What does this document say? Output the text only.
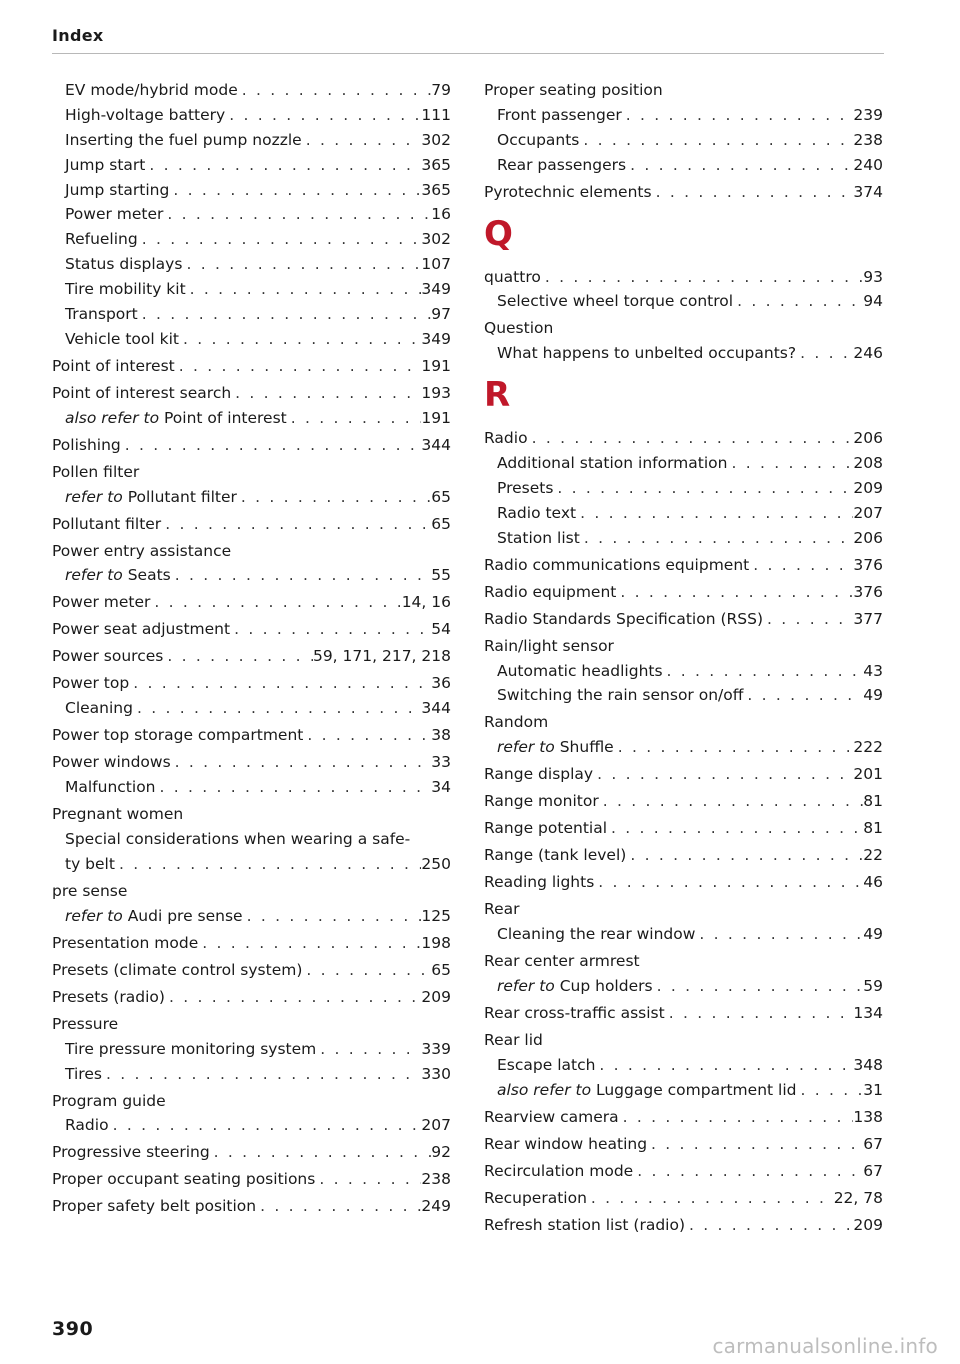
Index
EV mode/hybrid mode . . .	79
High-voltage battery . . .	111
Inserting the fuel pump nozzle . . .	302
Jump start . . .	365
Jump starting . . .	365
Power meter . . .	16
Refueling . . .	302
Status displays . . .	107
Tire mobility kit . . .	349
Transport . . .	97
Vehicle tool kit . . .	349
Point of interest . . .	191
Point of interest search . . .	193
also refer to Point of interest . . .	191
Polishing . . .	344
Pollen filter
refer to Pollutant filter . . .	65
Pollutant filter . . .	65
Power entry assistance
refer to Seats . . .	55
Power meter . . .	14, 16
Power seat adjustment . . .	54
Power sources . . .	59, 171, 217, 218
Power top . . .	36
Cleaning . . .	344
Power top storage compartment . . .	38
Power windows . . .	33
Malfunction . . .	34
Pregnant women
Special considerations when wearing a safe-
ty belt . . .	250
pre sense
refer to Audi pre sense . . .	125
Presentation mode . . .	198
Presets (climate control system) . . .	65
Presets (radio) . . .	209
Pressure
Tire pressure monitoring system . . .	339
Tires . . .	330
Program guide
Radio . . .	207
Progressive steering . . .	92
Proper occupant seating positions . . .	238
Proper safety belt position . . .	249
Proper seating position
Front passenger . . .	239
Occupants . . .	238
Rear passengers . . .	240
Pyrotechnic elements . . .	374
Q
quattro . . .	93
Selective wheel torque control . . .	94
Question
What happens to unbelted occupants? . . .	246
R
Radio . . .	206
Additional station information . . .	208
Presets . . .	209
Radio text . . .	207
Station list . . .	206
Radio communications equipment . . .	376
Radio equipment . . .	376
Radio Standards Specification (RSS) . . .	377
Rain/light sensor
Automatic headlights . . .	43
Switching the rain sensor on/off . . .	49
Random
refer to Shuffle . . .	222
Range display . . .	201
Range monitor . . .	81
Range potential . . .	81
Range (tank level) . . .	22
Reading lights . . .	46
Rear
Cleaning the rear window . . .	49
Rear center armrest
refer to Cup holders . . .	59
Rear cross-traffic assist . . .	134
Rear lid
Escape latch . . .	348
also refer to Luggage compartment lid . . .	31
Rearview camera . . .	138
Rear window heating . . .	67
Recirculation mode . . .	67
Recuperation . . .	22, 78
Refresh station list (radio) . . .	209
390
carmanualsonline.info
